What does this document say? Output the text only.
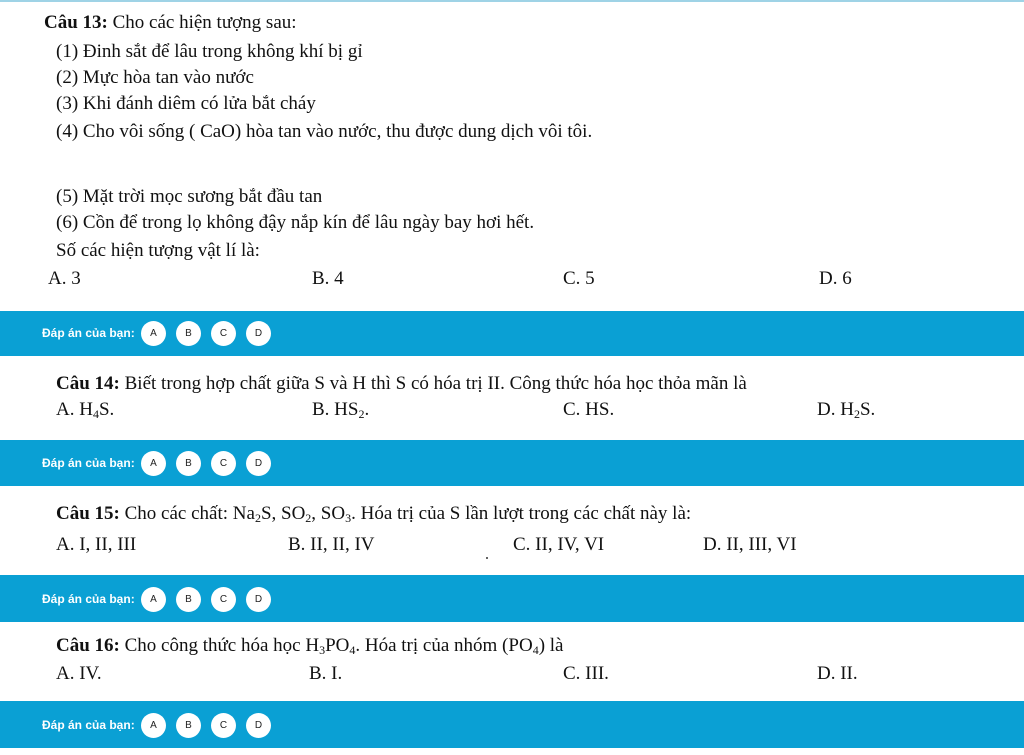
Câu 13: Cho các hiện tượng sau:
(1) Đinh sắt để lâu trong không khí bị gỉ
(2) Mực hòa tan vào nước
(3) Khi đánh diêm có lửa bắt cháy
(4) Cho vôi sống ( CaO) hòa tan vào nước, thu được dung dịch vôi tôi.
(5) Mặt trời mọc sương bắt đầu tan
(6) Cồn để trong lọ không đậy nắp kín để lâu ngày bay hơi hết.
Số các hiện tượng vật lí là:
A. 3	B. 4	C. 5	D. 6
Đáp án của bạn:	A	B	C	D
Câu 14: Biết trong hợp chất giữa S và H thì S có hóa trị II. Công thức hóa học thỏa mãn là
A. $H_4S$.	B. $HS_2$.	C. HS.	D. $H_2S$.
Đáp án của bạn:	A	B	C	D
Câu 15: Cho các chất: $Na_2S$, $SO_2$, $SO_3$. Hóa trị của S lần lượt trong các chất này là:
A. I, II, III	B. II, II, IV	C. II, IV, VI	D. II, III, VI
Đáp án của bạn:	A	B	C	D
Câu 16: Cho công thức hóa học $H_3PO_4$. Hóa trị của nhóm $(PO_4)$ là
A. IV.	B. I.	C. III.	D. II.
Đáp án của bạn:	A	B	C	D
